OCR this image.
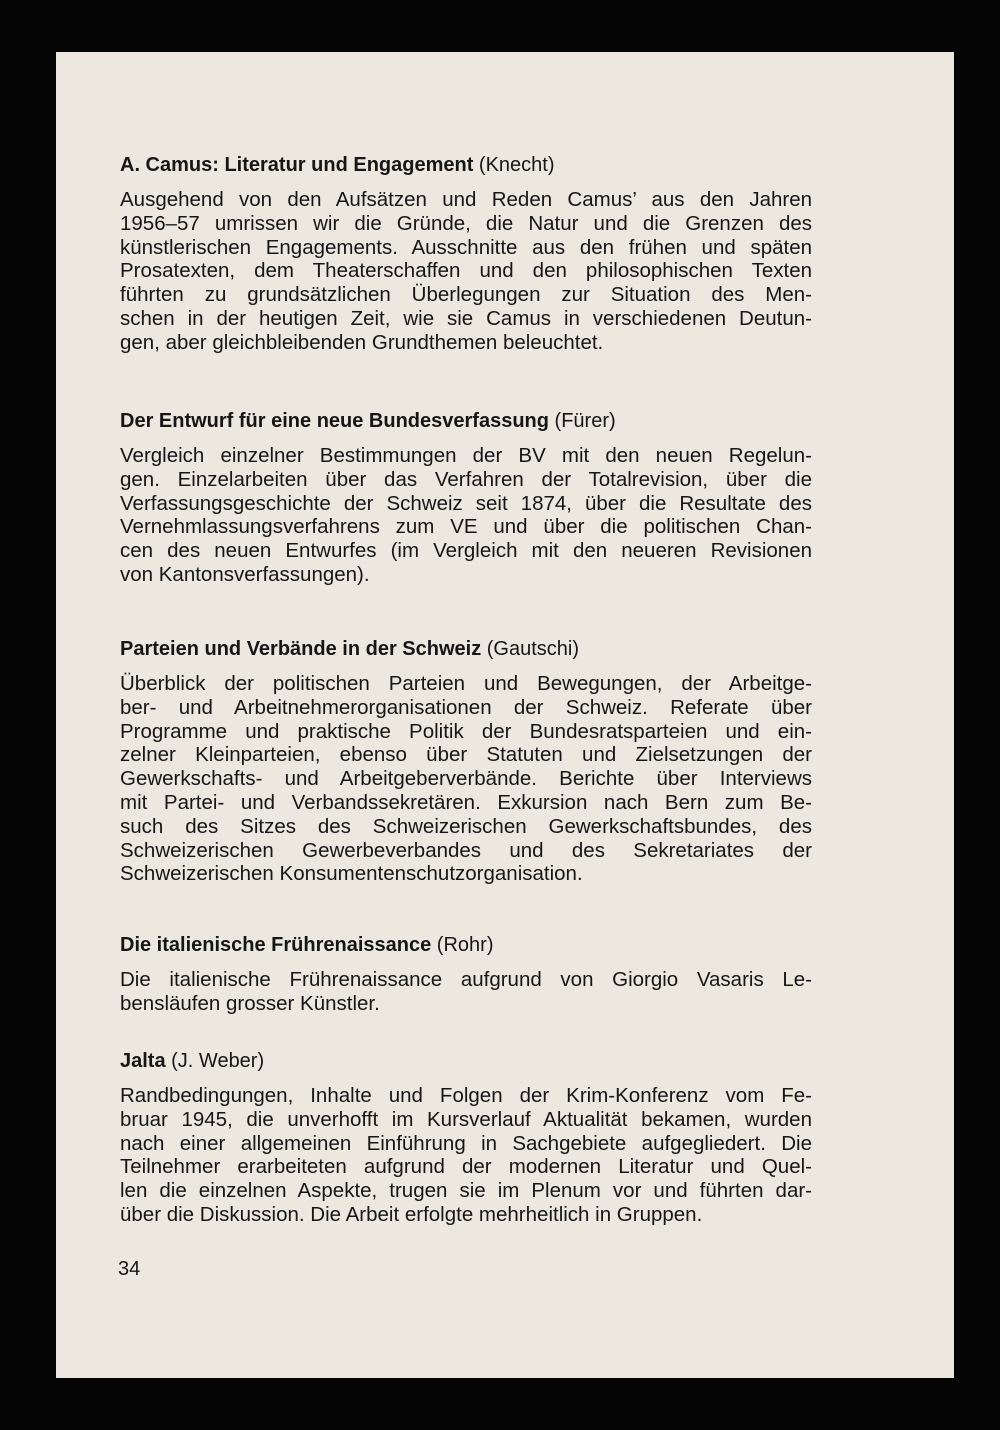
A. Camus: Literatur und Engagement (Knecht)
Ausgehend von den Aufsätzen und Reden Camus’ aus den Jahren
1956–57 umrissen wir die Gründe, die Natur und die Grenzen des
künstlerischen Engagements. Ausschnitte aus den frühen und späten
Prosatexten, dem Theaterschaffen und den philosophischen Texten
führten zu grundsätzlichen Überlegungen zur Situation des Men-
schen in der heutigen Zeit, wie sie Camus in verschiedenen Deutun-
gen, aber gleichbleibenden Grundthemen beleuchtet.
Der Entwurf für eine neue Bundesverfassung (Fürer)
Vergleich einzelner Bestimmungen der BV mit den neuen Regelun-
gen. Einzelarbeiten über das Verfahren der Totalrevision, über die
Verfassungsgeschichte der Schweiz seit 1874, über die Resultate des
Vernehmlassungsverfahrens zum VE und über die politischen Chan-
cen des neuen Entwurfes (im Vergleich mit den neueren Revisionen
von Kantonsverfassungen).
Parteien und Verbände in der Schweiz (Gautschi)
Überblick der politischen Parteien und Bewegungen, der Arbeitge-
ber- und Arbeitnehmerorganisationen der Schweiz. Referate über
Programme und praktische Politik der Bundesratsparteien und ein-
zelner Kleinparteien, ebenso über Statuten und Zielsetzungen der
Gewerkschafts- und Arbeitgeberverbände. Berichte über Interviews
mit Partei- und Verbandssekretären. Exkursion nach Bern zum Be-
such des Sitzes des Schweizerischen Gewerkschaftsbundes, des
Schweizerischen Gewerbeverbandes und des Sekretariates der
Schweizerischen Konsumentenschutzorganisation.
Die italienische Frührenaissance (Rohr)
Die italienische Frührenaissance aufgrund von Giorgio Vasaris Le-
bensläufen grosser Künstler.
Jalta (J. Weber)
Randbedingungen, Inhalte und Folgen der Krim-Konferenz vom Fe-
bruar 1945, die unverhofft im Kursverlauf Aktualität bekamen, wurden
nach einer allgemeinen Einführung in Sachgebiete aufgegliedert. Die
Teilnehmer erarbeiteten aufgrund der modernen Literatur und Quel-
len die einzelnen Aspekte, trugen sie im Plenum vor und führten dar-
über die Diskussion. Die Arbeit erfolgte mehrheitlich in Gruppen.
34
